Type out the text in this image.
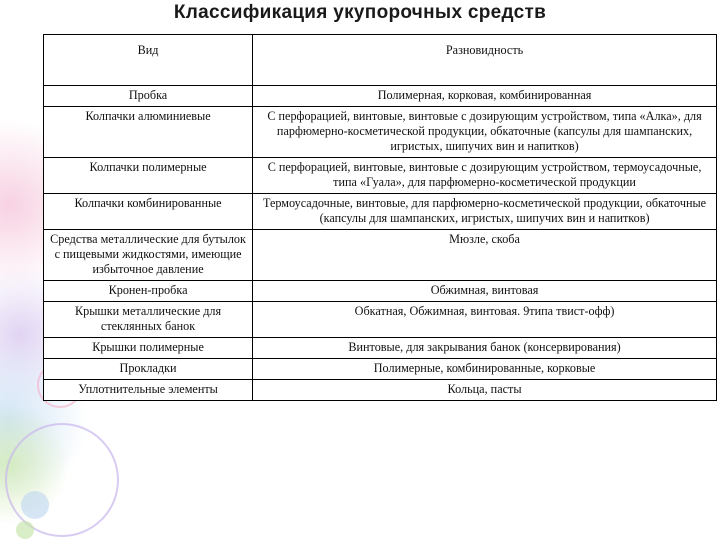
Классификация укупорочных средств
Вид	Разновидность
Пробка	Полимерная, корковая, комбинированная
Колпачки алюминиевые	С перфорацией, винтовые, винтовые с дозирующим устройством, типа «Алка», для парфюмерно-косметической продукции, обкаточные (капсулы для шампанских, игристых, шипучих вин и напитков)
Колпачки полимерные	С перфорацией, винтовые, винтовые с дозирующим устройством, термоусадочные, типа «Гуала», для парфюмерно-косметической продукции
Колпачки комбинированные	Термоусадочные, винтовые, для парфюмерно-косметической продукции, обкаточные (капсулы для шампанских, игристых, шипучих вин и напитков)
Средства металлические для бутылок с пищевыми жидкостями, имеющие избыточное давление	Мюзле, скоба
Кронен-пробка	Обжимная, винтовая
Крышки металлические для стеклянных банок	Обкатная, Обжимная, винтовая. 9типа твист-офф)
Крышки полимерные	Винтовые, для закрывания банок (консервирования)
Прокладки	Полимерные, комбинированные, корковые
Уплотнительные элементы	Кольца, пасты
